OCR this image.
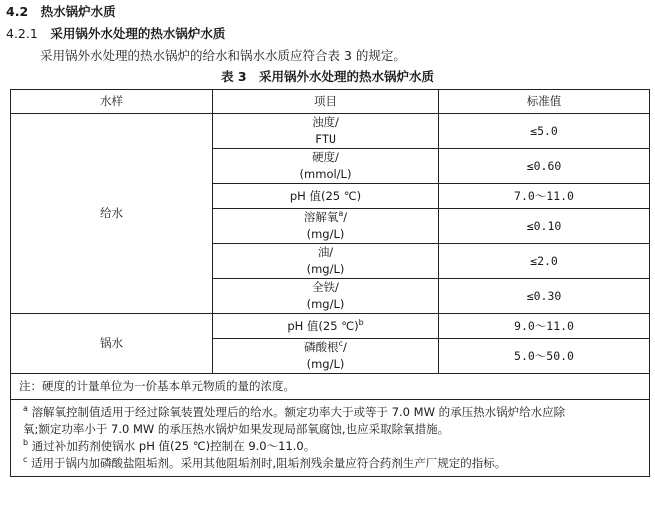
4.2　 热水锅炉水质
4.2.1　 采用锅外水处理的热水锅炉水质
采用锅外水处理的热水锅炉的给水和锅水水质应符合表 3 的规定。
表 3　采用锅外水处理的热水锅炉水质
水样	项目	标准值
给水	浊度/
FTU	≤5.0
	硬度/
(mmol/L)	≤0.60
	pH 值(25 ℃)	7.0～11.0
	溶解氧$^a$/
(mg/L)	≤0.10
	油/
(mg/L)	≤2.0
	全铁/
(mg/L)	≤0.30
锅水	pH 值(25 ℃)$^b$	9.0～11.0
	磷酸根$^c$/
(mg/L)	5.0～50.0
注：硬度的计量单位为一价基本单元物质的量的浓度。		

$^a$ 溶解氧控制值适用于经过除氧装置处理后的给水。额定功率大于或等于 7.0 MW 的承压热水锅炉给水应除
氧;额定功率小于 7.0 MW 的承压热水锅炉如果发现局部氧腐蚀,也应采取除氧措施。
$^b$ 通过补加药剂使锅水 pH 值(25 ℃)控制在 9.0～11.0。
$^c$ 适用于锅内加磷酸盐阻垢剂。采用其他阻垢剂时,阻垢剂残余量应符合药剂生产厂规定的指标。		
